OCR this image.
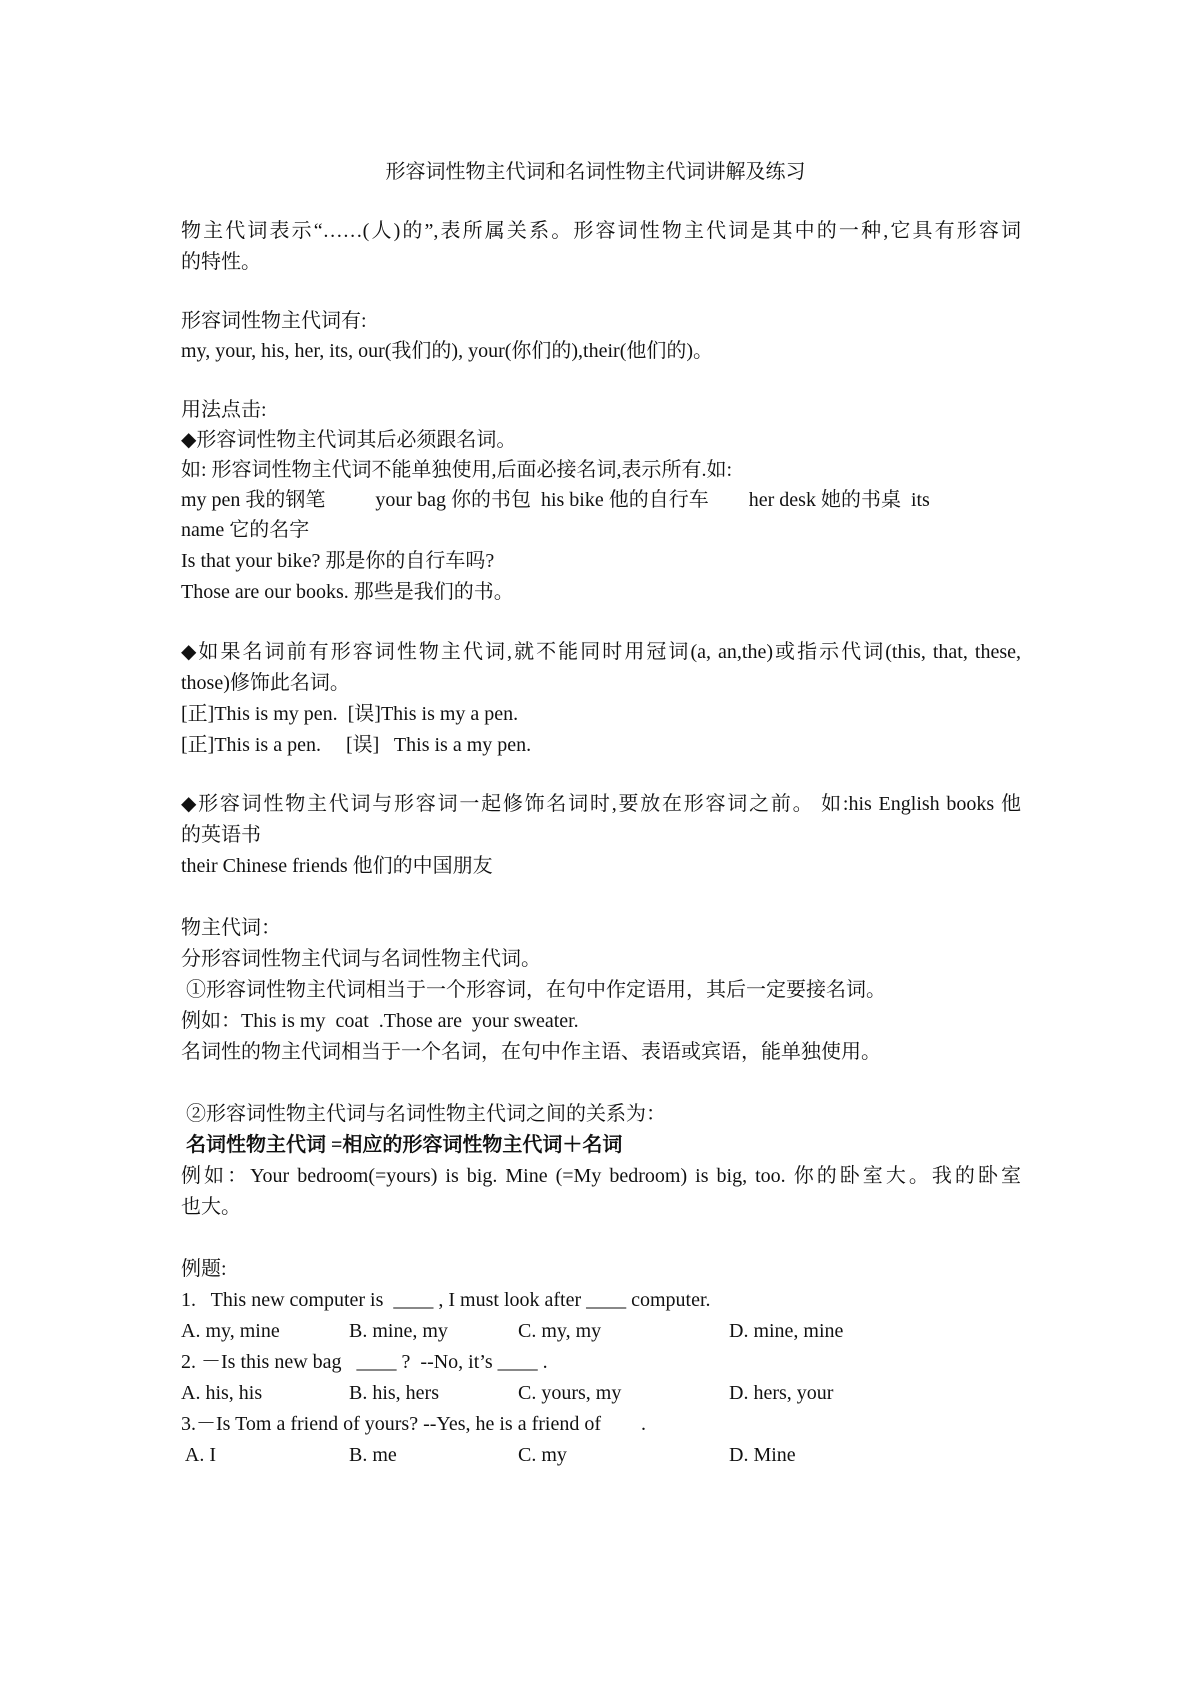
形容词性物主代词和名词性物主代词讲解及练习
物主代词表示“……(人)的”,表所属关系。形容词性物主代词是其中的一种,它具有形容词
的特性。
形容词性物主代词有:
my, your, his, her, its, our(我们的), your(你们的),their(他们的)。
用法点击:
◆形容词性物主代词其后必须跟名词。
如: 形容词性物主代词不能单独使用,后面必接名词,表示所有.如:
my pen 我的钢笔          your bag 你的书包  his bike 他的自行车        her desk 她的书桌  its
name 它的名字
Is that your bike? 那是你的自行车吗?
Those are our books. 那些是我们的书。
◆如果名词前有形容词性物主代词,就不能同时用冠词(a, an,the)或指示代词(this, that, these,
those)修饰此名词。
[正]This is my pen.  [误]This is my a pen.
[正]This is a pen.     [误]   This is a my pen.
◆形容词性物主代词与形容词一起修饰名词时,要放在形容词之前。 如:his English books 他
的英语书
their Chinese friends 他们的中国朋友
物主代词：
分形容词性物主代词与名词性物主代词。
①形容词性物主代词相当于一个形容词，在句中作定语用，其后一定要接名词。
例如：This is my  coat  .Those are  your sweater.
名词性的物主代词相当于一个名词，在句中作主语、表语或宾语，能单独使用。
②形容词性物主代词与名词性物主代词之间的关系为：
名词性物主代词 =相应的形容词性物主代词＋名词
例如：Your bedroom(=yours) is big. Mine (=My bedroom) is big, too. 你的卧室大。我的卧室
也大。
例题:
1.   This new computer is  ____ , I must look after ____ computer.

A. my, mine

	B. mine, my

	C. my, my

	D. mine, mine

2. －Is this new bag   ____ ?  --No, it’s ____ .

A. his, his

	B. his, hers

	C. yours, my

	D. hers, your

3.－Is Tom a friend of yours? --Yes, he is a friend of        .

A. I

	B. me

	C. my

	D. Mine
